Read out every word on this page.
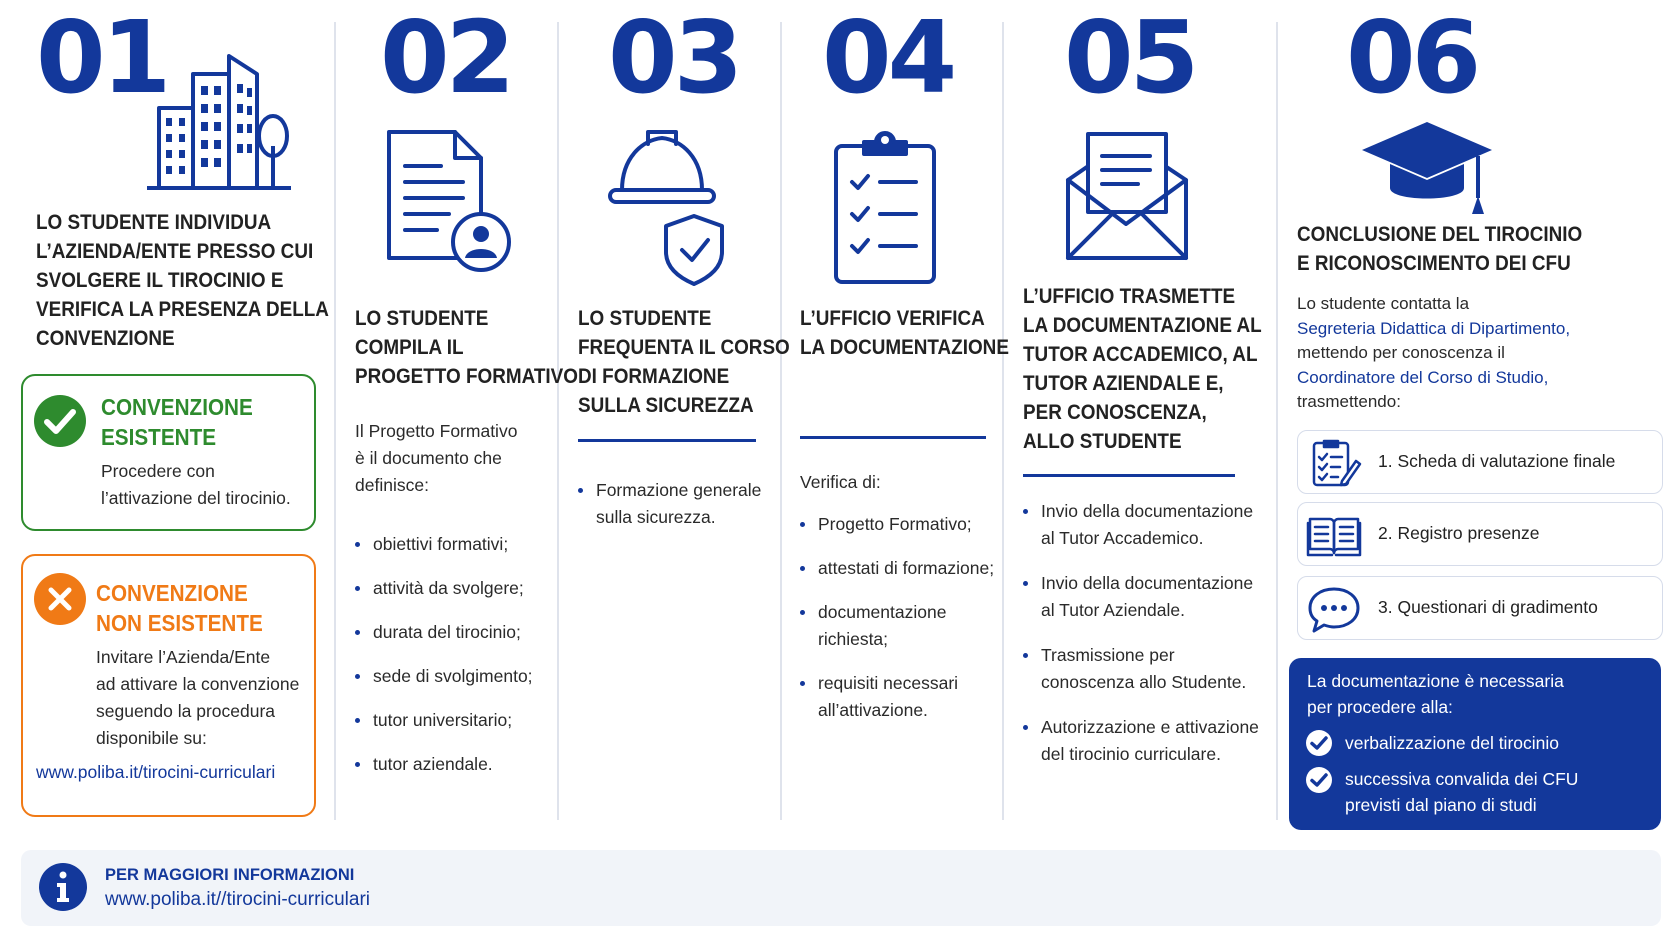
01
LO STUDENTE INDIVIDUA
L’AZIENDA/ENTE PRESSO CUI
SVOLGERE IL TIROCINIO E
VERIFICA LA PRESENZA DELLA
CONVENZIONE
CONVENZIONE
ESISTENTE
Procedere con
l’attivazione del tirocinio.
CONVENZIONE
NON ESISTENTE
Invitare l’Azienda/Ente
ad attivare la convenzione
seguendo la procedura
disponibile su:
www.poliba.it/tirocini-curriculari
02
LO STUDENTE
COMPILA IL
PROGETTO FORMATIVO
Il Progetto Formativo
è il documento che
definisce:
obiettivi formativi;
attività da svolgere;
durata del tirocinio;
sede di svolgimento;
tutor universitario;
tutor aziendale.
03
LO STUDENTE
FREQUENTA IL CORSO
DI FORMAZIONE
SULLA SICUREZZA
Formazione generale
sulla sicurezza.
04
L’UFFICIO VERIFICA
LA DOCUMENTAZIONE
Verifica di:
Progetto Formativo;
attestati di formazione;
documentazione
richiesta;
requisiti necessari
all’attivazione.
05
L’UFFICIO TRASMETTE
LA DOCUMENTAZIONE AL
TUTOR ACCADEMICO, AL
TUTOR AZIENDALE E,
PER CONOSCENZA,
ALLO STUDENTE
Invio della documentazione
al Tutor Accademico.
Invio della documentazione
al Tutor Aziendale.
Trasmissione per
conoscenza allo Studente.
Autorizzazione e attivazione
del tirocinio curriculare.
06
CONCLUSIONE DEL TIROCINIO
E RICONOSCIMENTO DEI CFU
Lo studente contatta la
Segreteria Didattica di Dipartimento,
mettendo per conoscenza il
Coordinatore del Corso di Studio,
trasmettendo:
1. Scheda di valutazione finale
2. Registro presenze
3. Questionari di gradimento
La documentazione è necessaria
per procedere alla:
verbalizzazione del tirocinio
successiva convalida dei CFU
previsti dal piano di studi
PER MAGGIORI INFORMAZIONI
www.poliba.it//tirocini-curriculari
